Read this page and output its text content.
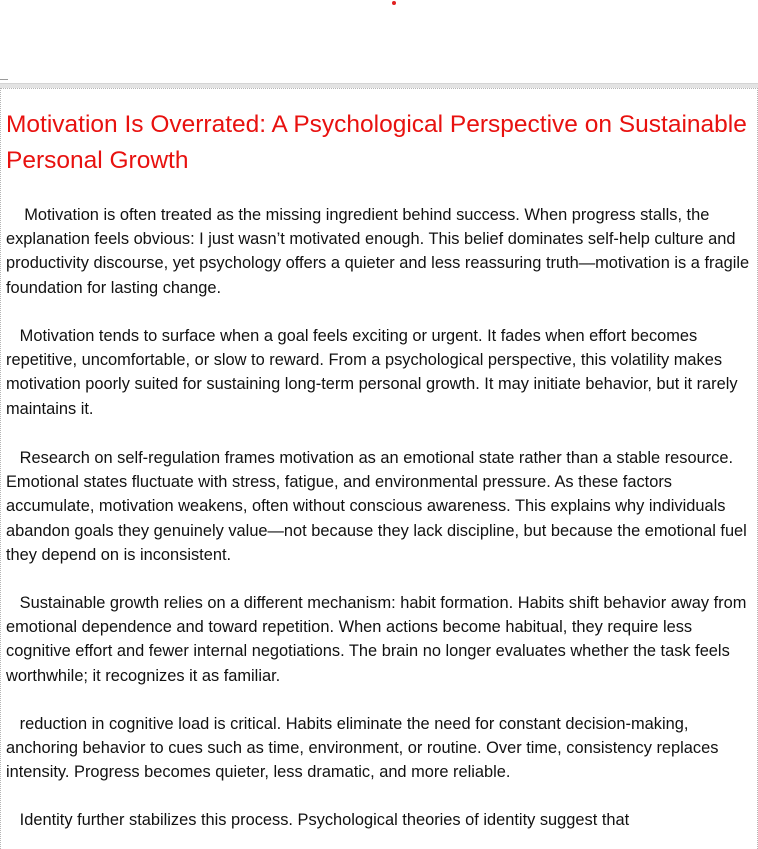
Motivation Is Overrated: A Psychological Perspective on Sustainable Personal Growth

Motivation is often treated as the missing ingredient behind success. When progress stalls, the explanation feels obvious: I just wasn’t motivated enough. This belief dominates self-help culture and productivity discourse, yet psychology offers a quieter and less reassuring truth—motivation is a fragile foundation for lasting change.

Motivation tends to surface when a goal feels exciting or urgent. It fades when effort becomes repetitive, uncomfortable, or slow to reward. From a psychological perspective, this volatility makes motivation poorly suited for sustaining long-term personal growth. It may initiate behavior, but it rarely maintains it.

Research on self-regulation frames motivation as an emotional state rather than a stable resource. Emotional states fluctuate with stress, fatigue, and environmental pressure. As these factors accumulate, motivation weakens, often without conscious awareness. This explains why individuals abandon goals they genuinely value—not because they lack discipline, but because the emotional fuel they depend on is inconsistent.

Sustainable growth relies on a different mechanism: habit formation. Habits shift behavior away from emotional dependence and toward repetition. When actions become habitual, they require less cognitive effort and fewer internal negotiations. The brain no longer evaluates whether the task feels worthwhile; it recognizes it as familiar.

reduction in cognitive load is critical. Habits eliminate the need for constant decision-making, anchoring behavior to cues such as time, environment, or routine. Over time, consistency replaces intensity. Progress becomes quieter, less dramatic, and more reliable.

Identity further stabilizes this process. Psychological theories of identity suggest that
